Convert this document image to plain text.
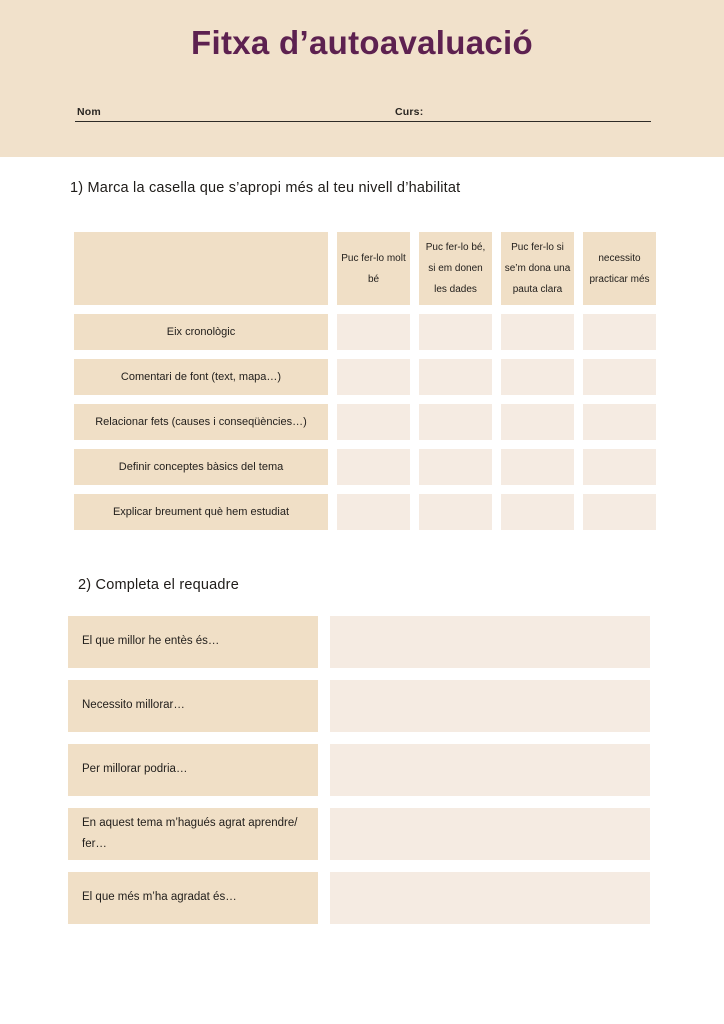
Fitxa d’autoavaluació
Nom	Curs:
1) Marca la casella que s’apropi més al teu nivell d’habilitat
Puc fer-lo molt bé
Puc fer-lo bé, si em donen les dades
Puc fer-lo si se’m dona una pauta clara
necessito practicar més
Eix cronològic
Comentari de font (text, mapa…)
Relacionar fets (causes i conseqüències…)
Definir conceptes bàsics del tema
Explicar breument què hem estudiat
2) Completa el requadre
El que millor he entès és…
Necessito millorar…
Per millorar podria…
En aquest tema m’hagués agrat aprendre/ fer…
El que més m’ha agradat és…
